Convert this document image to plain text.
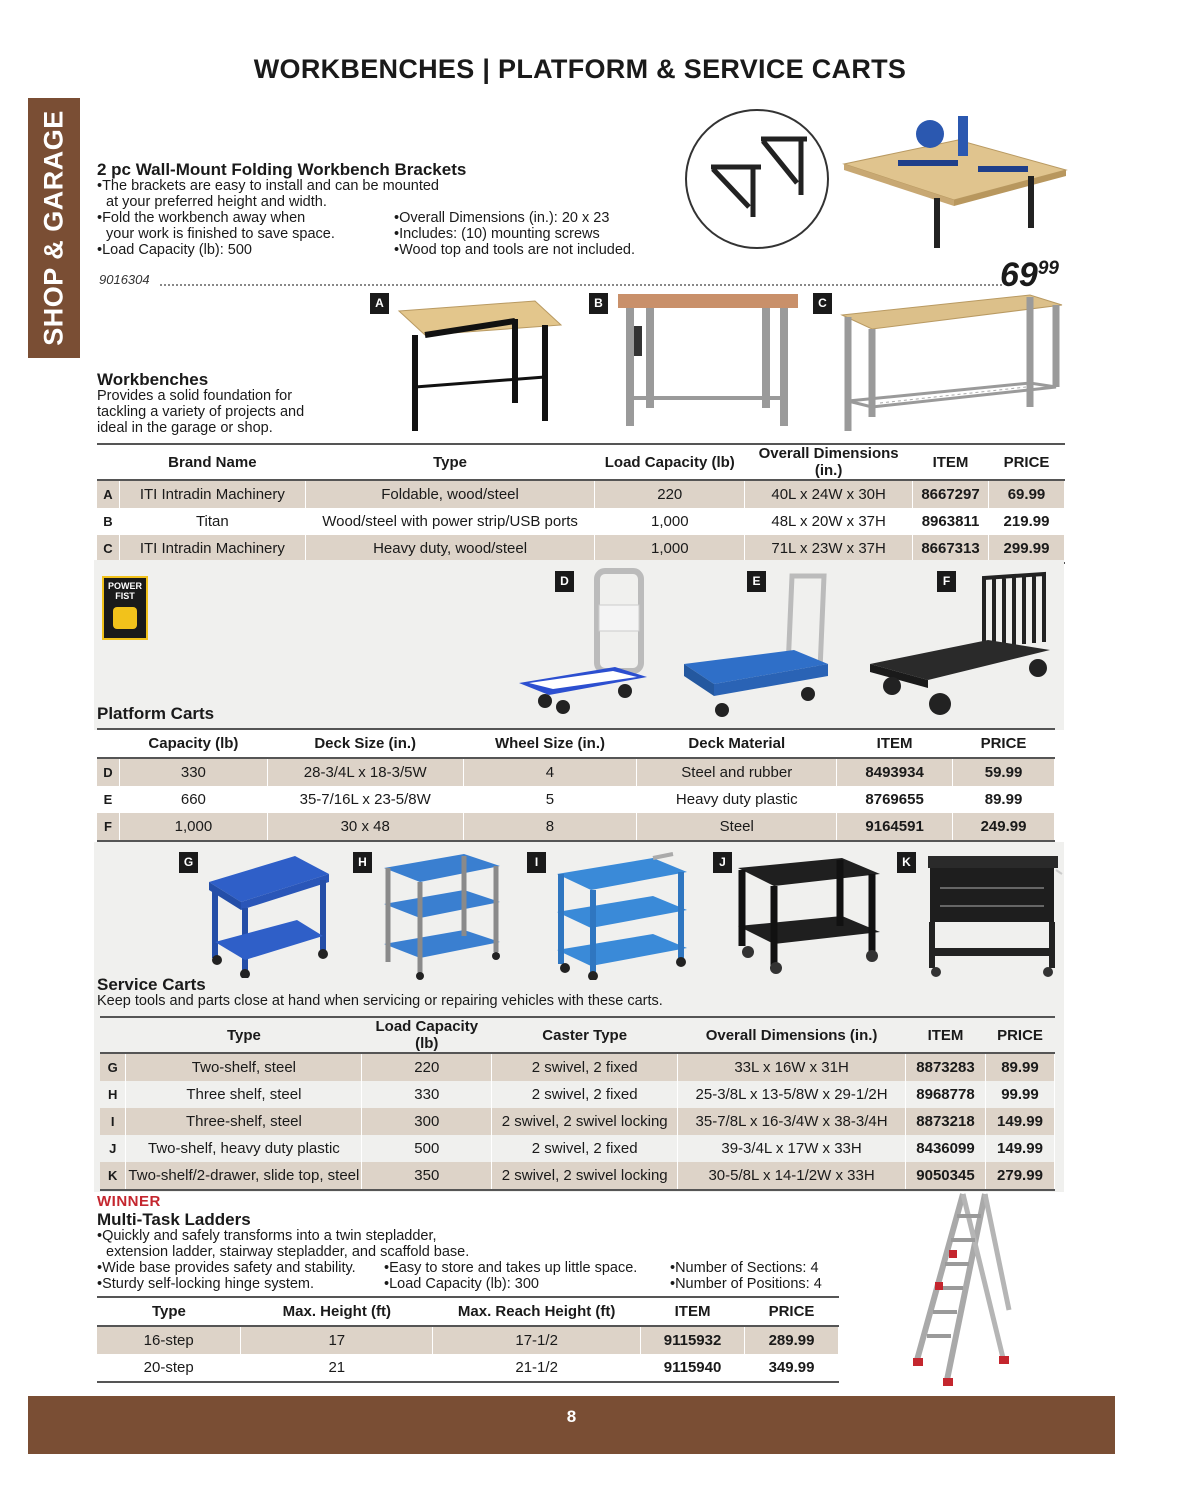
WORKBENCHES | PLATFORM & SERVICE CARTS
SHOP & GARAGE 2 pc Wall-Mount Folding Workbench Brackets
•The brackets are easy to install and can be mounted
at your preferred height and width.
•Fold the workbench away when
your work is finished to save space.
•Load Capacity (lb): 500
•Overall Dimensions (in.): 20 x 23
•Includes: (10) mounting screws
•Wood top and tools are not included.
9016304	$69^{99}$
A	B	C
Workbenches
Provides a solid foundation for
tackling a variety of projects and
ideal in the garage or shop.
	Brand Name	Type	Load Capacity (lb)	Overall Dimensions (in.)	ITEM	PRICE
A	ITI Intradin Machinery	Foldable, wood/steel	220	40L x 24W x 30H	8667297	69.99
B	Titan	Wood/steel with power strip/USB ports	1,000	48L x 20W x 37H	8963811	219.99
C	ITI Intradin Machinery	Heavy duty, wood/steel	1,000	71L x 23W x 37H	8667313	299.99
POWER
FIST
D	E	F
Platform Carts
	Capacity (lb)	Deck Size (in.)	Wheel Size (in.)	Deck Material	ITEM	PRICE
D	330	28-3/4L x 18-3/5W	4	Steel and rubber	8493934	59.99
E	660	35-7/16L x 23-5/8W	5	Heavy duty plastic	8769655	89.99
F	1,000	30 x 48	8	Steel	9164591	249.99
G	H	I	J	K
Service Carts
Keep tools and parts close at hand when servicing or repairing vehicles with these carts.
	Type	Load Capacity (lb)	Caster Type	Overall Dimensions (in.)	ITEM	PRICE
G	Two-shelf, steel	220	2 swivel, 2 fixed	33L x 16W x 31H	8873283	89.99
H	Three shelf, steel	330	2 swivel, 2 fixed	25-3/8L x 13-5/8W x 29-1/2H	8968778	99.99
I	Three-shelf, steel	300	2 swivel, 2 swivel locking	35-7/8L x 16-3/4W x 38-3/4H	8873218	149.99
J	Two-shelf, heavy duty plastic	500	2 swivel, 2 fixed	39-3/4L x 17W x 33H	8436099	149.99
K	Two-shelf/2-drawer, slide top, steel	350	2 swivel, 2 swivel locking	30-5/8L x 14-1/2W x 33H	9050345	279.99
WINNER
Multi-Task Ladders
•Quickly and safely transforms into a twin stepladder,
extension ladder, stairway stepladder, and scaffold base.
•Wide base provides safety and stability.
•Sturdy self-locking hinge system.
•Easy to store and takes up little space.
•Load Capacity (lb): 300
•Number of Sections: 4
•Number of Positions: 4
Type	Max. Height (ft)	Max. Reach Height (ft)	ITEM	PRICE
16-step	17	17-1/2	9115932	289.99
20-step	21	21-1/2	9115940	349.99
8
